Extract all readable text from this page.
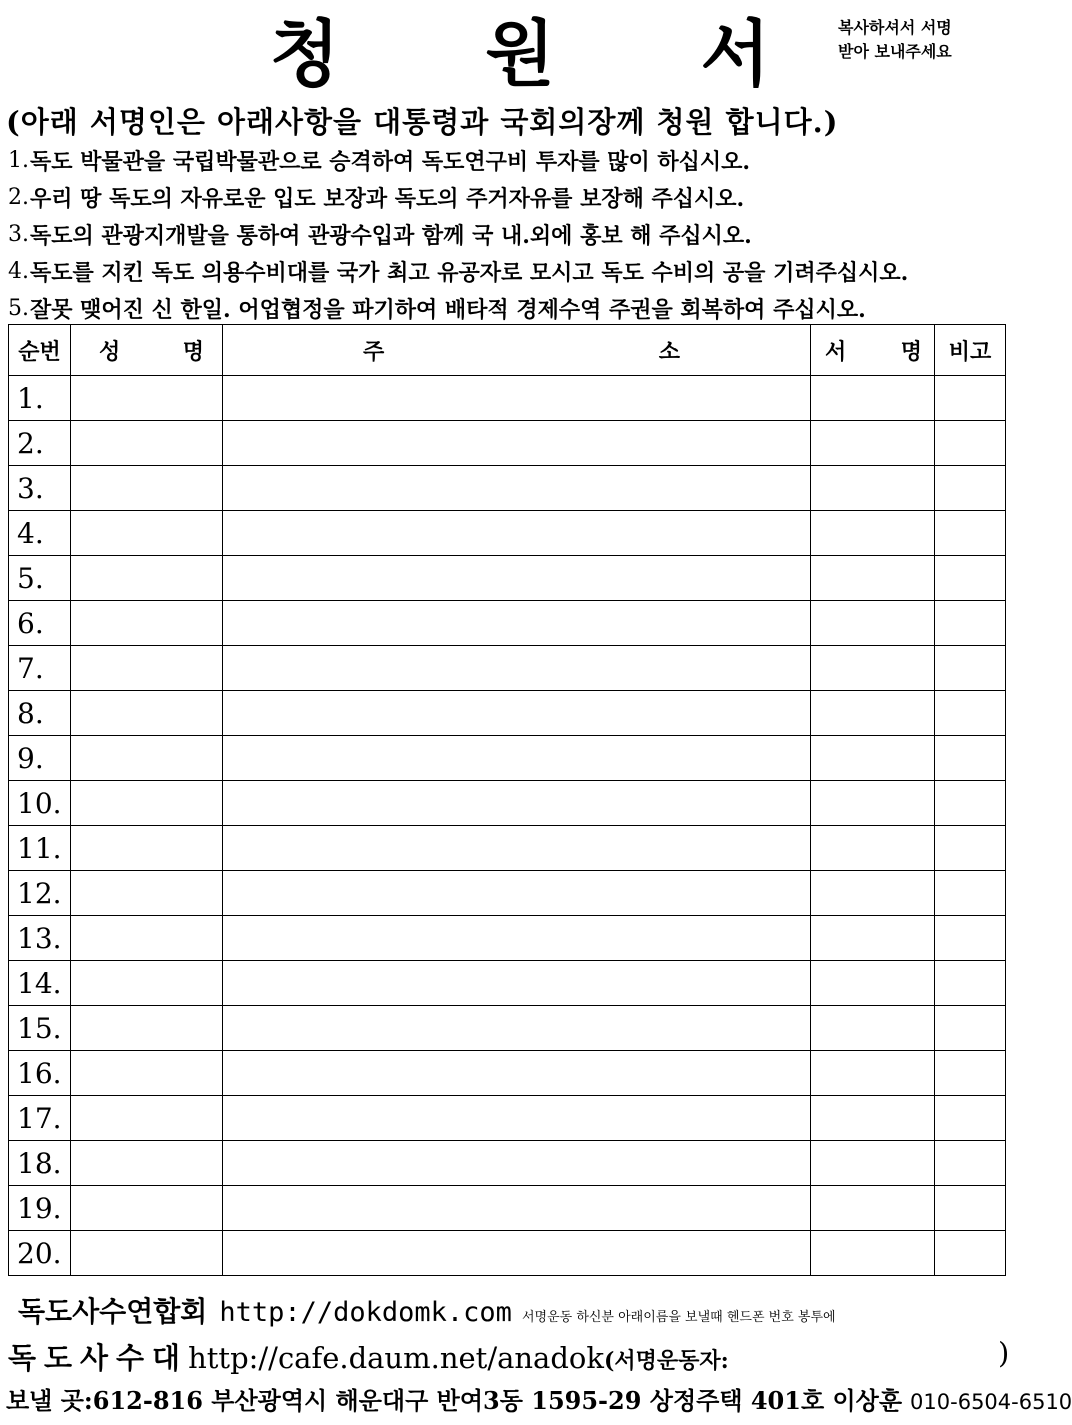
청 원 서	복사하셔서 서명
받아 보내주세요
(아래 서명인은 아래사항을 대통령과 국회의장께 청원 합니다.)
1. 독도 박물관을 국립박물관으로 승격하여 독도연구비 투자를 많이 하십시오.
2. 우리 땅 독도의 자유로운 입도 보장과 독도의 주거자유를 보장해 주십시오.
3. 독도의 관광지개발을 통하여 관광수입과 함께 국 내.외에 홍보 해 주십시오.
4. 독도를 지킨 독도 의용수비대를 국가 최고 유공자로 모시고 독도 수비의 공을 기려주십시오.
5. 잘못 맺어진 신 한일. 어업협정을 파기하여 배타적 경제수역 주권을 회복하여 주십시오.
순번	성 명	주 소	서 명	비고
1.				
2.				
3.				
4.				
5.				
6.				
7.				
8.				
9.				
10.				
11.				
12.				
13.				
14.				
15.				
16.				
17.				
18.				
19.				
20.				
독도사수연합회 http://dokdomk.com 서명운동 하신분 아래이름을 보낼때 헨드폰 번호 봉투에
독도사수대http://cafe.daum.net/anadok(서명운동자:	)
보낼 곳:612-816 부산광역시 해운대구 반여3동 1595-29 상정주택 401호 이상훈 010-6504-6510
